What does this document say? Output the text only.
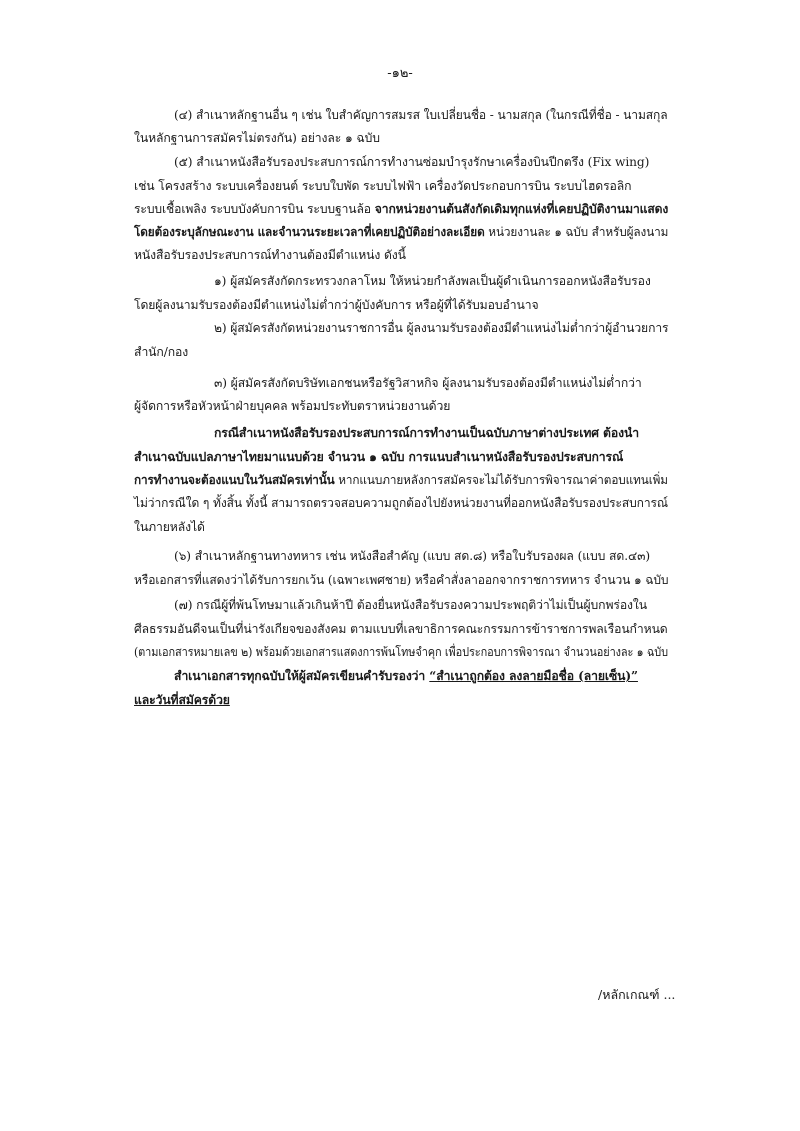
-๑๒-
(๔) สำเนาหลักฐานอื่น ๆ เช่น ใบสำคัญการสมรส ใบเปลี่ยนชื่อ - นามสกุล (ในกรณีที่ชื่อ - นามสกุล
ในหลักฐานการสมัครไม่ตรงกัน) อย่างละ ๑ ฉบับ
(๕) สำเนาหนังสือรับรองประสบการณ์การทำงานซ่อมบำรุงรักษาเครื่องบินปีกตรึง (Fix wing)
เช่น โครงสร้าง ระบบเครื่องยนต์ ระบบใบพัด ระบบไฟฟ้า เครื่องวัดประกอบการบิน ระบบไฮดรอลิก
ระบบเชื้อเพลิง ระบบบังคับการบิน ระบบฐานล้อ จากหน่วยงานต้นสังกัดเดิมทุกแห่งที่เคยปฏิบัติงานมาแสดง
โดยต้องระบุลักษณะงาน และจำนวนระยะเวลาที่เคยปฏิบัติอย่างละเอียด หน่วยงานละ ๑ ฉบับ สำหรับผู้ลงนาม
หนังสือรับรองประสบการณ์ทำงานต้องมีตำแหน่ง ดังนี้
๑) ผู้สมัครสังกัดกระทรวงกลาโหม ให้หน่วยกำลังพลเป็นผู้ดำเนินการออกหนังสือรับรอง
โดยผู้ลงนามรับรองต้องมีตำแหน่งไม่ต่ำกว่าผู้บังคับการ หรือผู้ที่ได้รับมอบอำนาจ
๒) ผู้สมัครสังกัดหน่วยงานราชการอื่น ผู้ลงนามรับรองต้องมีตำแหน่งไม่ต่ำกว่าผู้อำนวยการ
สำนัก/กอง
๓) ผู้สมัครสังกัดบริษัทเอกชนหรือรัฐวิสาหกิจ ผู้ลงนามรับรองต้องมีตำแหน่งไม่ต่ำกว่า
ผู้จัดการหรือหัวหน้าฝ่ายบุคคล พร้อมประทับตราหน่วยงานด้วย
กรณีสำเนาหนังสือรับรองประสบการณ์การทำงานเป็นฉบับภาษาต่างประเทศ ต้องนำ
สำเนาฉบับแปลภาษาไทยมาแนบด้วย จำนวน ๑ ฉบับ การแนบสำเนาหนังสือรับรองประสบการณ์
การทำงานจะต้องแนบในวันสมัครเท่านั้น หากแนบภายหลังการสมัครจะไม่ได้รับการพิจารณาค่าตอบแทนเพิ่ม
ไม่ว่ากรณีใด ๆ ทั้งสิ้น ทั้งนี้ สามารถตรวจสอบความถูกต้องไปยังหน่วยงานที่ออกหนังสือรับรองประสบการณ์
ในภายหลังได้
(๖) สำเนาหลักฐานทางทหาร เช่น หนังสือสำคัญ (แบบ สด.๘) หรือใบรับรองผล (แบบ สด.๔๓)
หรือเอกสารที่แสดงว่าได้รับการยกเว้น (เฉพาะเพศชาย) หรือคำสั่งลาออกจากราชการทหาร จำนวน ๑ ฉบับ
(๗) กรณีผู้ที่พ้นโทษมาแล้วเกินห้าปี ต้องยื่นหนังสือรับรองความประพฤติว่าไม่เป็นผู้บกพร่องใน
ศีลธรรมอันดีจนเป็นที่น่ารังเกียจของสังคม ตามแบบที่เลขาธิการคณะกรรมการข้าราชการพลเรือนกำหนด
(ตามเอกสารหมายเลข ๒) พร้อมด้วยเอกสารแสดงการพ้นโทษจำคุก เพื่อประกอบการพิจารณา จำนวนอย่างละ ๑ ฉบับ
สำเนาเอกสารทุกฉบับให้ผู้สมัครเขียนคำรับรองว่า “สำเนาถูกต้อง ลงลายมือชื่อ (ลายเซ็น)”
และวันที่สมัครด้วย
/หลักเกณฑ์ ...
